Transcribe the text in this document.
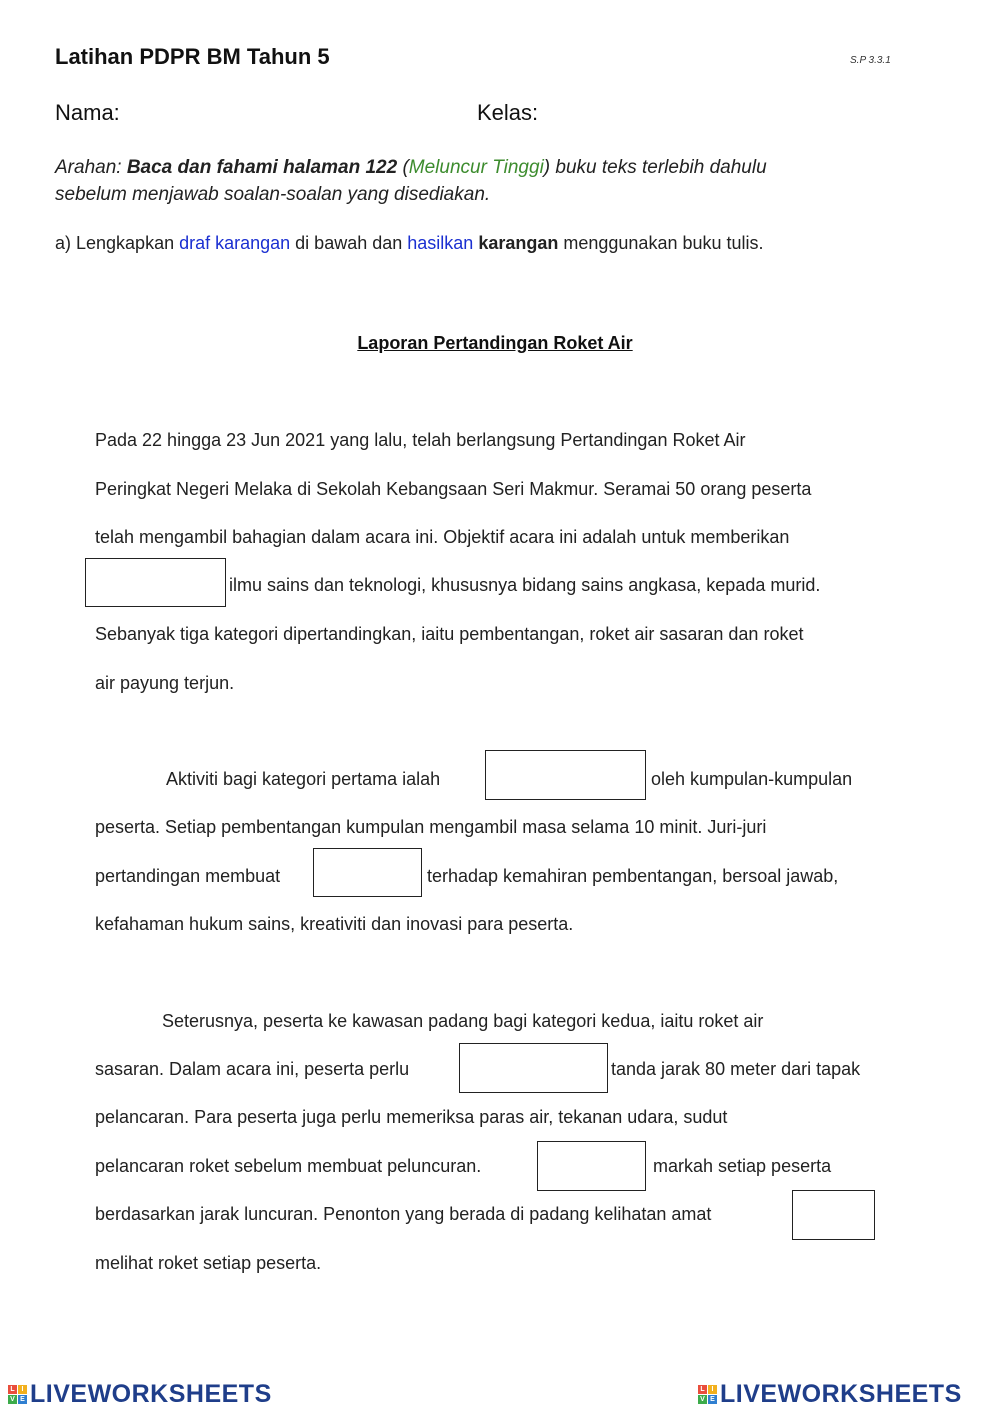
Latihan PDPR BM Tahun 5	S.P 3.3.1
Nama:	Kelas:
Arahan: Baca dan fahami halaman 122 (Meluncur Tinggi) buku teks terlebih dahulu
sebelum menjawab soalan-soalan yang disediakan.
a) Lengkapkan draf karangan di bawah dan hasilkan karangan menggunakan buku tulis.
Laporan Pertandingan Roket Air
Pada 22 hingga 23 Jun 2021 yang lalu, telah berlangsung Pertandingan Roket Air
Peringkat Negeri Melaka di Sekolah Kebangsaan Seri Makmur. Seramai 50 orang peserta
telah mengambil bahagian dalam acara ini. Objektif acara ini adalah untuk memberikan
ilmu sains dan teknologi, khususnya bidang sains angkasa, kepada murid.
Sebanyak tiga kategori dipertandingkan, iaitu pembentangan, roket air sasaran dan roket
air payung terjun.
Aktiviti bagi kategori pertama ialah	oleh kumpulan-kumpulan
peserta. Setiap pembentangan kumpulan mengambil masa selama 10 minit. Juri-juri
pertandingan membuat	terhadap kemahiran pembentangan, bersoal jawab,
kefahaman hukum sains, kreativiti dan inovasi para peserta.
Seterusnya, peserta ke kawasan padang bagi kategori kedua, iaitu roket air
sasaran. Dalam acara ini, peserta perlu	tanda jarak 80 meter dari tapak
pelancaran. Para peserta juga perlu memeriksa paras air, tekanan udara, sudut
pelancaran roket sebelum membuat peluncuran.	markah setiap peserta
berdasarkan jarak luncuran. Penonton yang berada di padang kelihatan amat
melihat roket setiap peserta.
L I
V E LIVEWORKSHEETS	L I
V E LIVEWORKSHEETS
